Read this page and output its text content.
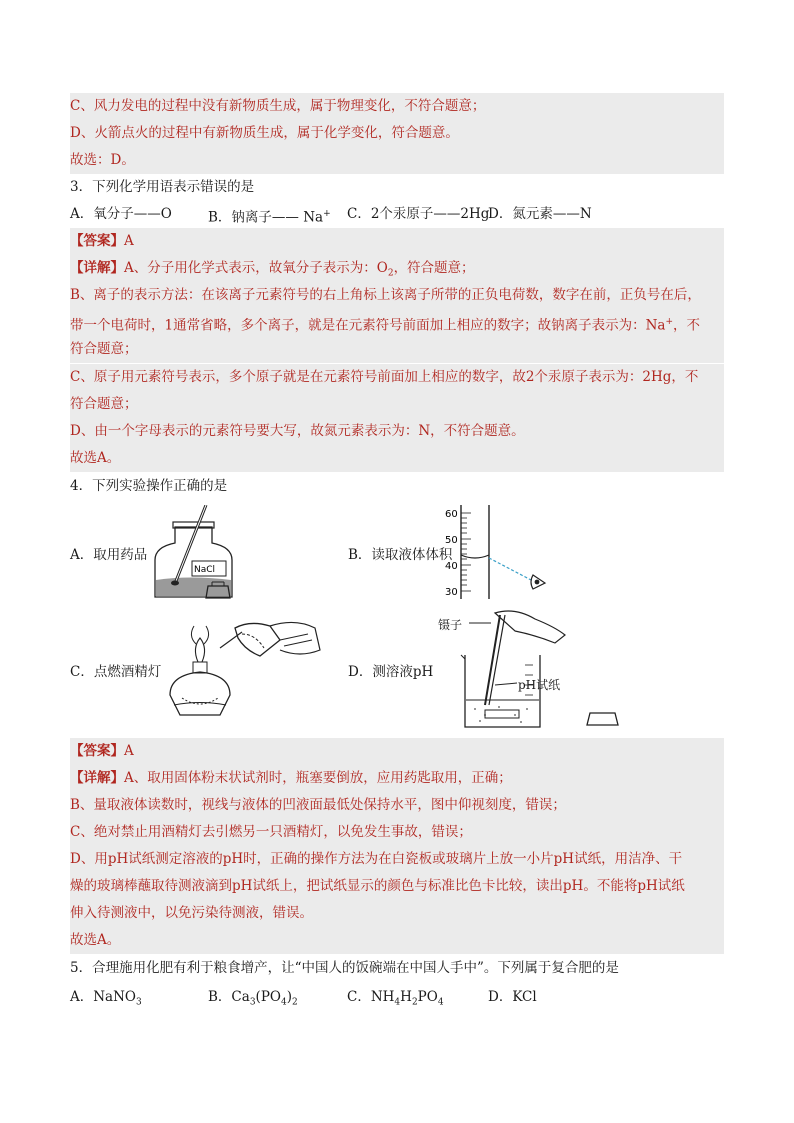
C、风力发电的过程中没有新物质生成，属于物理变化，不符合题意；
D、火箭点火的过程中有新物质生成，属于化学变化，符合题意。
故选：D。
3．下列化学用语表示错误的是
A．氧分子——O	B．钠离子—— Na+ C．2个汞原子——2Hg
D．氮元素——N
【答案】A
【详解】A、分子用化学式表示，故氧分子表示为：$O_2$，符合题意；
B、离子的表示方法：在该离子元素符号的右上角标上该离子所带的正负电荷数，数字在前，正负号在后，
带一个电荷时，1通常省略，多个离子，就是在元素符号前面加上相应的数字；故钠离子表示为：Na+，不
符合题意；
C、原子用元素符号表示，多个原子就是在元素符号前面加上相应的数字，故2个汞原子表示为：2Hg，不
符合题意；
D、由一个字母表示的元素符号要大写，故氮元素表示为：N，不符合题意。
故选A。
4．下列实验操作正确的是
A．取用药品
NaCl
B．读取液体体积
60
50
40
30
C．点燃酒精灯	D．测溶液pH
镊子
pH试纸
【答案】A
【详解】A、取用固体粉末状试剂时，瓶塞要倒放，应用药匙取用，正确；
B、量取液体读数时，视线与液体的凹液面最低处保持水平，图中仰视刻度，错误；
C、绝对禁止用酒精灯去引燃另一只酒精灯，以免发生事故，错误；
D、用pH试纸测定溶液的pH时，正确的操作方法为在白瓷板或玻璃片上放一小片pH试纸，用洁净、干
燥的玻璃棒蘸取待测液滴到pH试纸上，把试纸显示的颜色与标准比色卡比较，读出pH。不能将pH试纸
伸入待测液中，以免污染待测液，错误。
故选A。
5．合理施用化肥有利于粮食增产，让“中国人的饭碗端在中国人手中”。下列属于复合肥的是
A．NaNO$_3$	B．$Ca_3(PO_4)_2$	C．$NH_4H_2PO_4$	D．KCl
